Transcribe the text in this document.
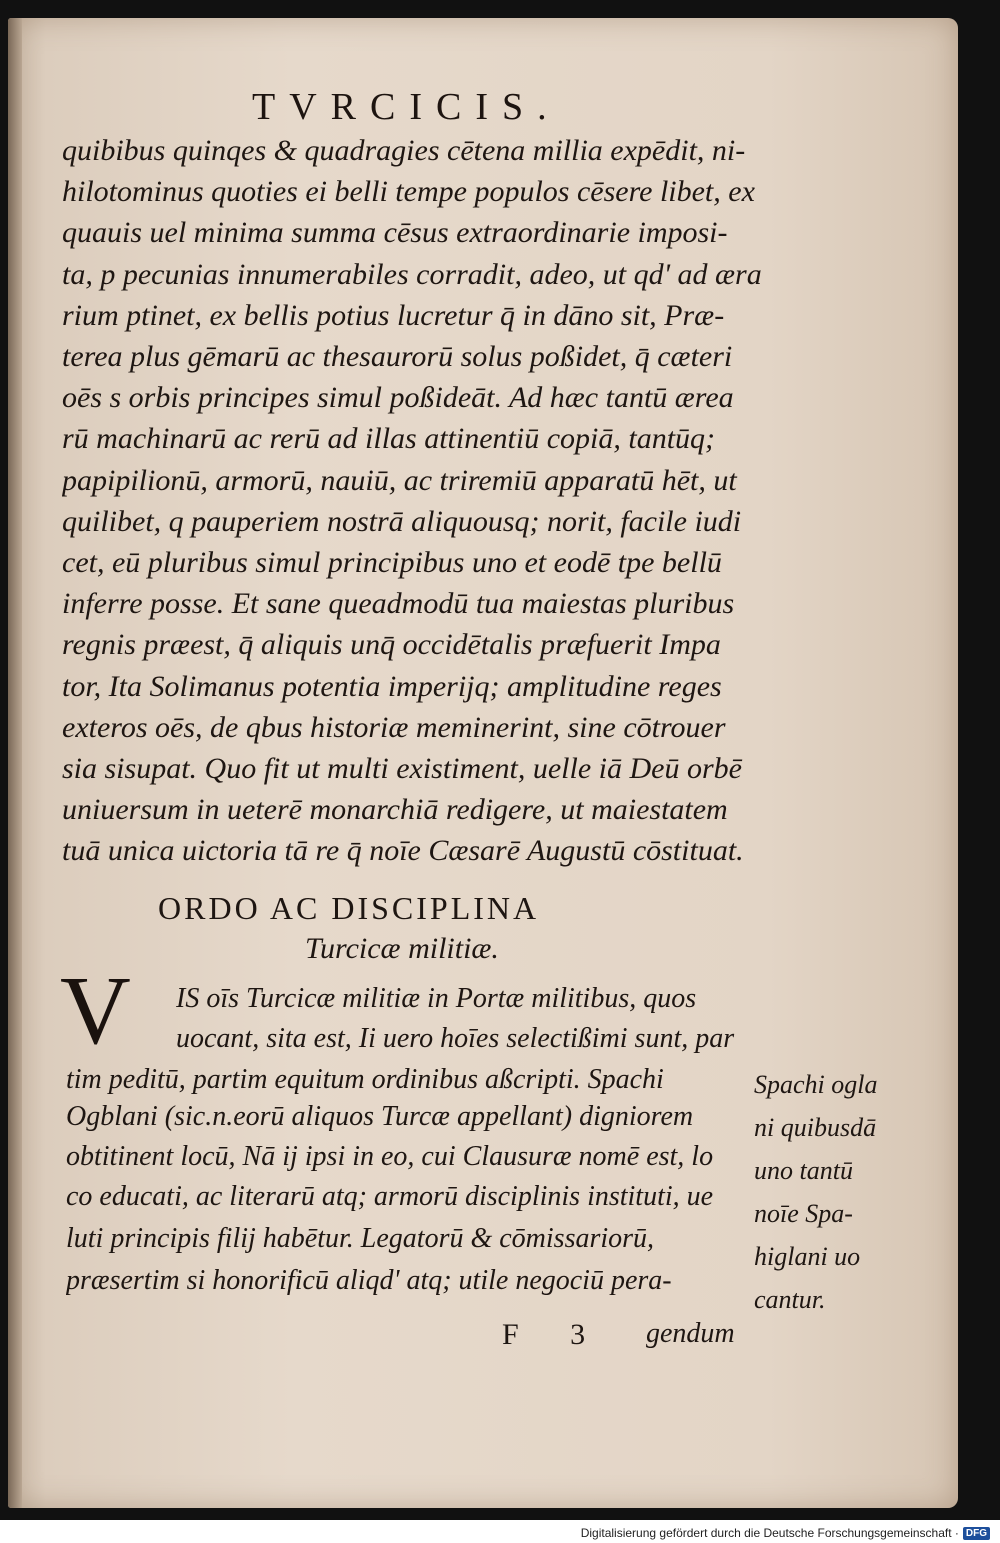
TVRCICIS.
quibibus quinqes & quadragies cētena millia expēdit, ni-
hilotominus quoties ei belli tempe populos cēsere libet, ex
quauis uel minima summa cēsus extraordinarie imposi-
ta, p pecunias innumerabiles corradit, adeo, ut qd' ad æra
rium ptinet, ex bellis potius lucretur q̄ in dāno sit, Præ-
terea plus gēmarū ac thesaurorū solus poßidet, q̄ cæteri
oēs s orbis principes simul poßideāt. Ad hæc tantū ærea
rū machinarū ac rerū ad illas attinentiū copiā, tantūq;
papipilionū, armorū, nauiū, ac triremiū apparatū hēt, ut
quilibet, q pauperiem nostrā aliquousq; norit, facile iudi
cet, eū pluribus simul principibus uno et eodē tpe bellū
inferre posse. Et sane queadmodū tua maiestas pluribus
regnis præest, q̄ aliquis unq̄ occidētalis præfuerit Impa
tor, Ita Solimanus potentia imperijq; amplitudine reges
exteros oēs, de qbus historiæ meminerint, sine cōtrouer
sia sisupat. Quo fit ut multi existiment, uelle iā Deū orbē
uniuersum in ueterē monarchiā redigere, ut maiestatem
tuā unica uictoria tā re q̄ noīe Cæsarē Augustū cōstituat.
ORDO AC DISCIPLINA
Turcicæ militiæ.
V IS oīs Turcicæ militiæ in Portæ militibus, quos
uocant, sita est, Ii uero hoīes selectißimi sunt, par
tim peditū, partim equitum ordinibus aßcripti. Spachi
Ogblani (sic.n.eorū aliquos Turcæ appellant) digniorem
obtitinent locū, Nā ij ipsi in eo, cui Clausuræ nomē est, lo
co educati, ac literarū atq; armorū disciplinis instituti, ue
luti principis filij habētur. Legatorū & cōmissariorū,
præsertim si honorificū aliqd' atq; utile negociū pera-
Spachi ogla
ni quibusdā
uno tantū
noīe Spa-
higlani uo
cantur.
F 3 gendum
Digitalisierung gefördert durch die Deutsche Forschungsgemeinschaft · DFG
